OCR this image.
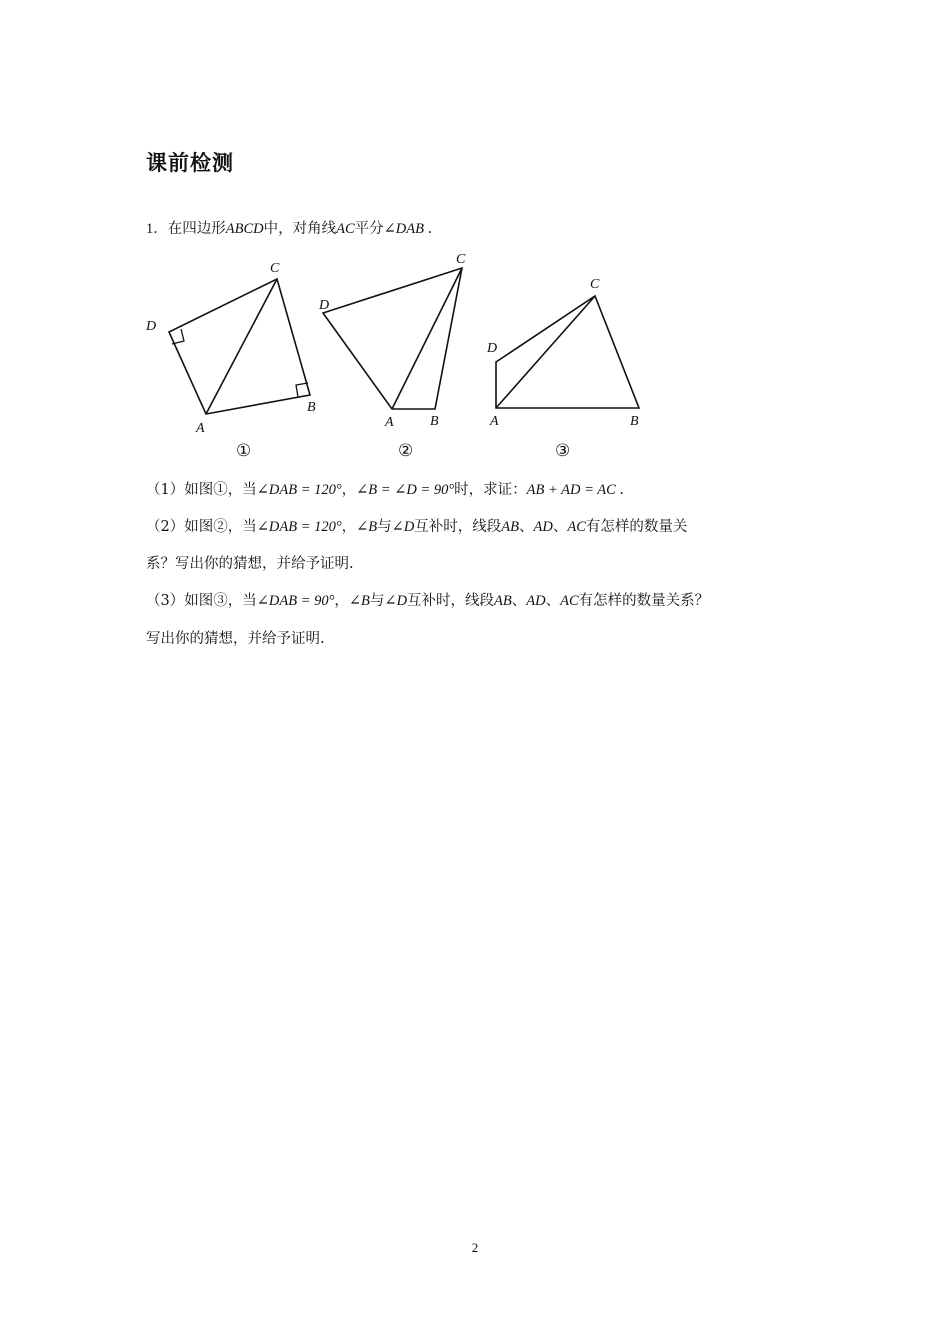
课前检测
1．在四边形ABCD中，对角线AC平分∠DAB .
A
B
C
D
①
A	B
C
D
②
A	B
C
D
③
（1）如图①，当∠DAB = 120°，∠B = ∠D = 90°时，求证：AB + AD = AC .
（2）如图②，当∠DAB = 120°，∠B与∠D互补时，线段AB、AD、AC有怎样的数量关
系？写出你的猜想，并给予证明.
（3）如图③，当∠DAB = 90°，∠B与∠D互补时，线段AB、AD、AC有怎样的数量关系？
写出你的猜想，并给予证明.
2
